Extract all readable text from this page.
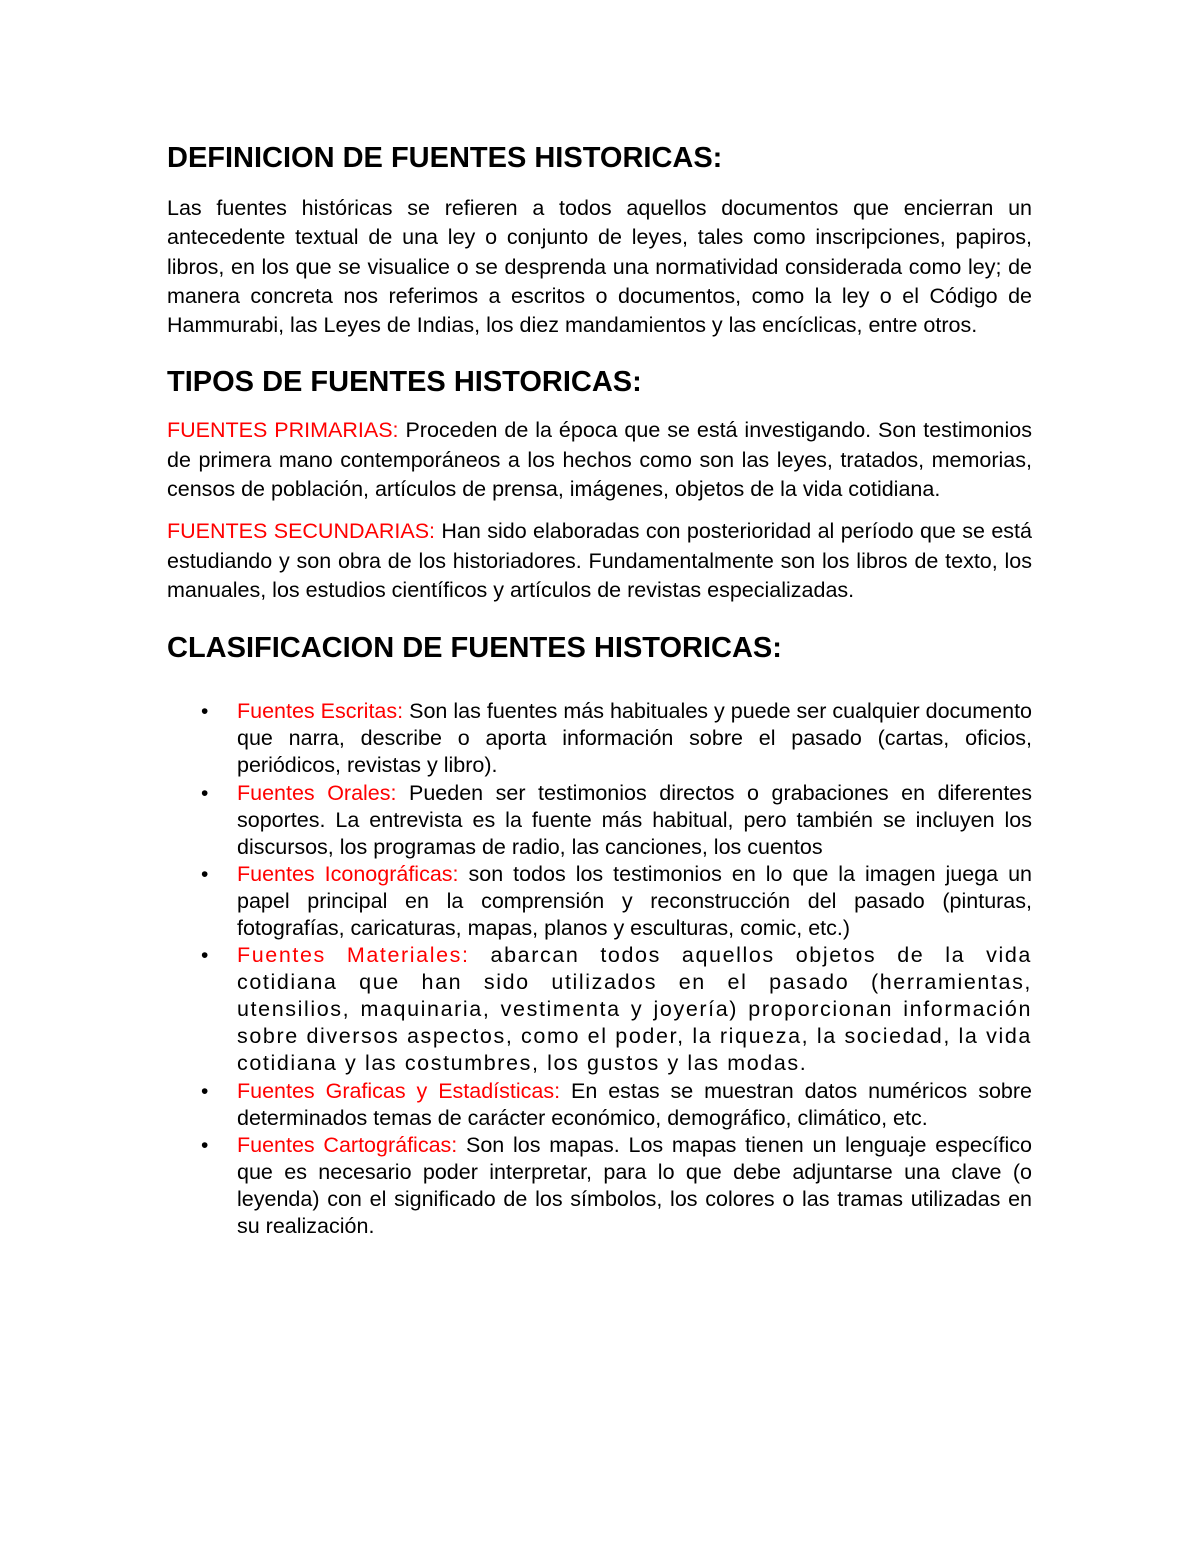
DEFINICION DE FUENTES HISTORICAS:

Las fuentes históricas se refieren a todos aquellos documentos que encierran un antecedente textual de una ley o conjunto de leyes, tales como inscripciones, papiros, libros, en los que se visualice o se desprenda una normatividad considerada como ley; de manera concreta nos referimos a escritos o documentos, como la ley o el Código de Hammurabi, las Leyes de Indias, los diez mandamientos y las encíclicas, entre otros.

TIPOS DE FUENTES HISTORICAS:

FUENTES PRIMARIAS: Proceden de la época que se está investigando. Son testimonios de primera mano contemporáneos a los hechos como son las leyes, tratados, memorias, censos de población, artículos de prensa, imágenes, objetos de la vida cotidiana.

FUENTES SECUNDARIAS: Han sido elaboradas con posterioridad al período que se está estudiando y son obra de los historiadores. Fundamentalmente son los libros de texto, los manuales, los estudios científicos y artículos de revistas especializadas.

CLASIFICACION DE FUENTES HISTORICAS:
• Fuentes Escritas: Son las fuentes más habituales y puede ser cualquier documento que narra, describe o aporta información sobre el pasado (cartas, oficios, periódicos, revistas y libro).
• Fuentes Orales: Pueden ser testimonios directos o grabaciones en diferentes soportes. La entrevista es la fuente más habitual, pero también se incluyen los discursos, los programas de radio, las canciones, los cuentos
• Fuentes Iconográficas: son todos los testimonios en lo que la imagen juega un papel principal en la comprensión y reconstrucción del pasado (pinturas, fotografías, caricaturas, mapas, planos y esculturas, comic, etc.)
• Fuentes Materiales: abarcan todos aquellos objetos de la vida cotidiana que han sido utilizados en el pasado (herramientas, utensilios, maquinaria, vestimenta y joyería) proporcionan información sobre diversos aspectos, como el poder, la riqueza, la sociedad, la vida cotidiana y las costumbres, los gustos y las modas.
• Fuentes Graficas y Estadísticas: En estas se muestran datos numéricos sobre determinados temas de carácter económico, demográfico, climático, etc.
• Fuentes Cartográficas: Son los mapas. Los mapas tienen un lenguaje específico que es necesario poder interpretar, para lo que debe adjuntarse una clave (o leyenda) con el significado de los símbolos, los colores o las tramas utilizadas en su realización.
